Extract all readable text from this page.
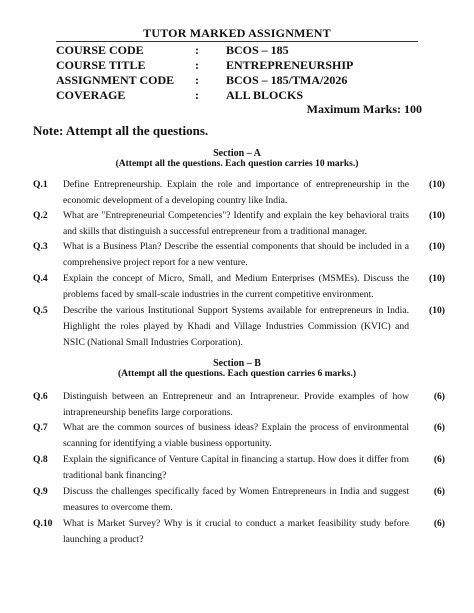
TUTOR MARKED ASSIGNMENT
COURSE CODE	: BCOS – 185
COURSE TITLE	: ENTREPRENEURSHIP
ASSIGNMENT CODE : BCOS – 185/TMA/2026
COVERAGE	: ALL BLOCKS
Maximum Marks: 100
Note: Attempt all the questions.
Section – A
(Attempt all the questions. Each question carries 10 marks.)
Q.1 Define Entrepreneurship. Explain the role and importance of entrepreneurship in the economic development of a developing country like India.
(10)
Q.2 What are "Entrepreneurial Competencies"? Identify and explain the key behavioral traits and skills that distinguish a successful entrepreneur from a traditional manager.
(10)
Q.3 What is a Business Plan? Describe the essential components that should be included in a comprehensive project report for a new venture.
(10)
Q.4 Explain the concept of Micro, Small, and Medium Enterprises (MSMEs). Discuss the problems faced by small-scale industries in the current competitive environment.
(10)
Q.5 Describe the various Institutional Support Systems available for entrepreneurs in India. Highlight the roles played by Khadi and Village Industries Commission (KVIC) and NSIC (National Small Industries Corporation).
(10)
Section – B
(Attempt all the questions. Each question carries 6 marks.)
Q.6 Distinguish between an Entrepreneur and an Intrapreneur. Provide examples of how intrapreneurship benefits large corporations.
(6)
Q.7 What are the common sources of business ideas? Explain the process of environmental scanning for identifying a viable business opportunity.
(6)
Q.8 Explain the significance of Venture Capital in financing a startup. How does it differ from traditional bank financing?
(6)
Q.9 Discuss the challenges specifically faced by Women Entrepreneurs in India and suggest measures to overcome them.
(6)
Q.10 What is Market Survey? Why is it crucial to conduct a market feasibility study before launching a product?
(6)
